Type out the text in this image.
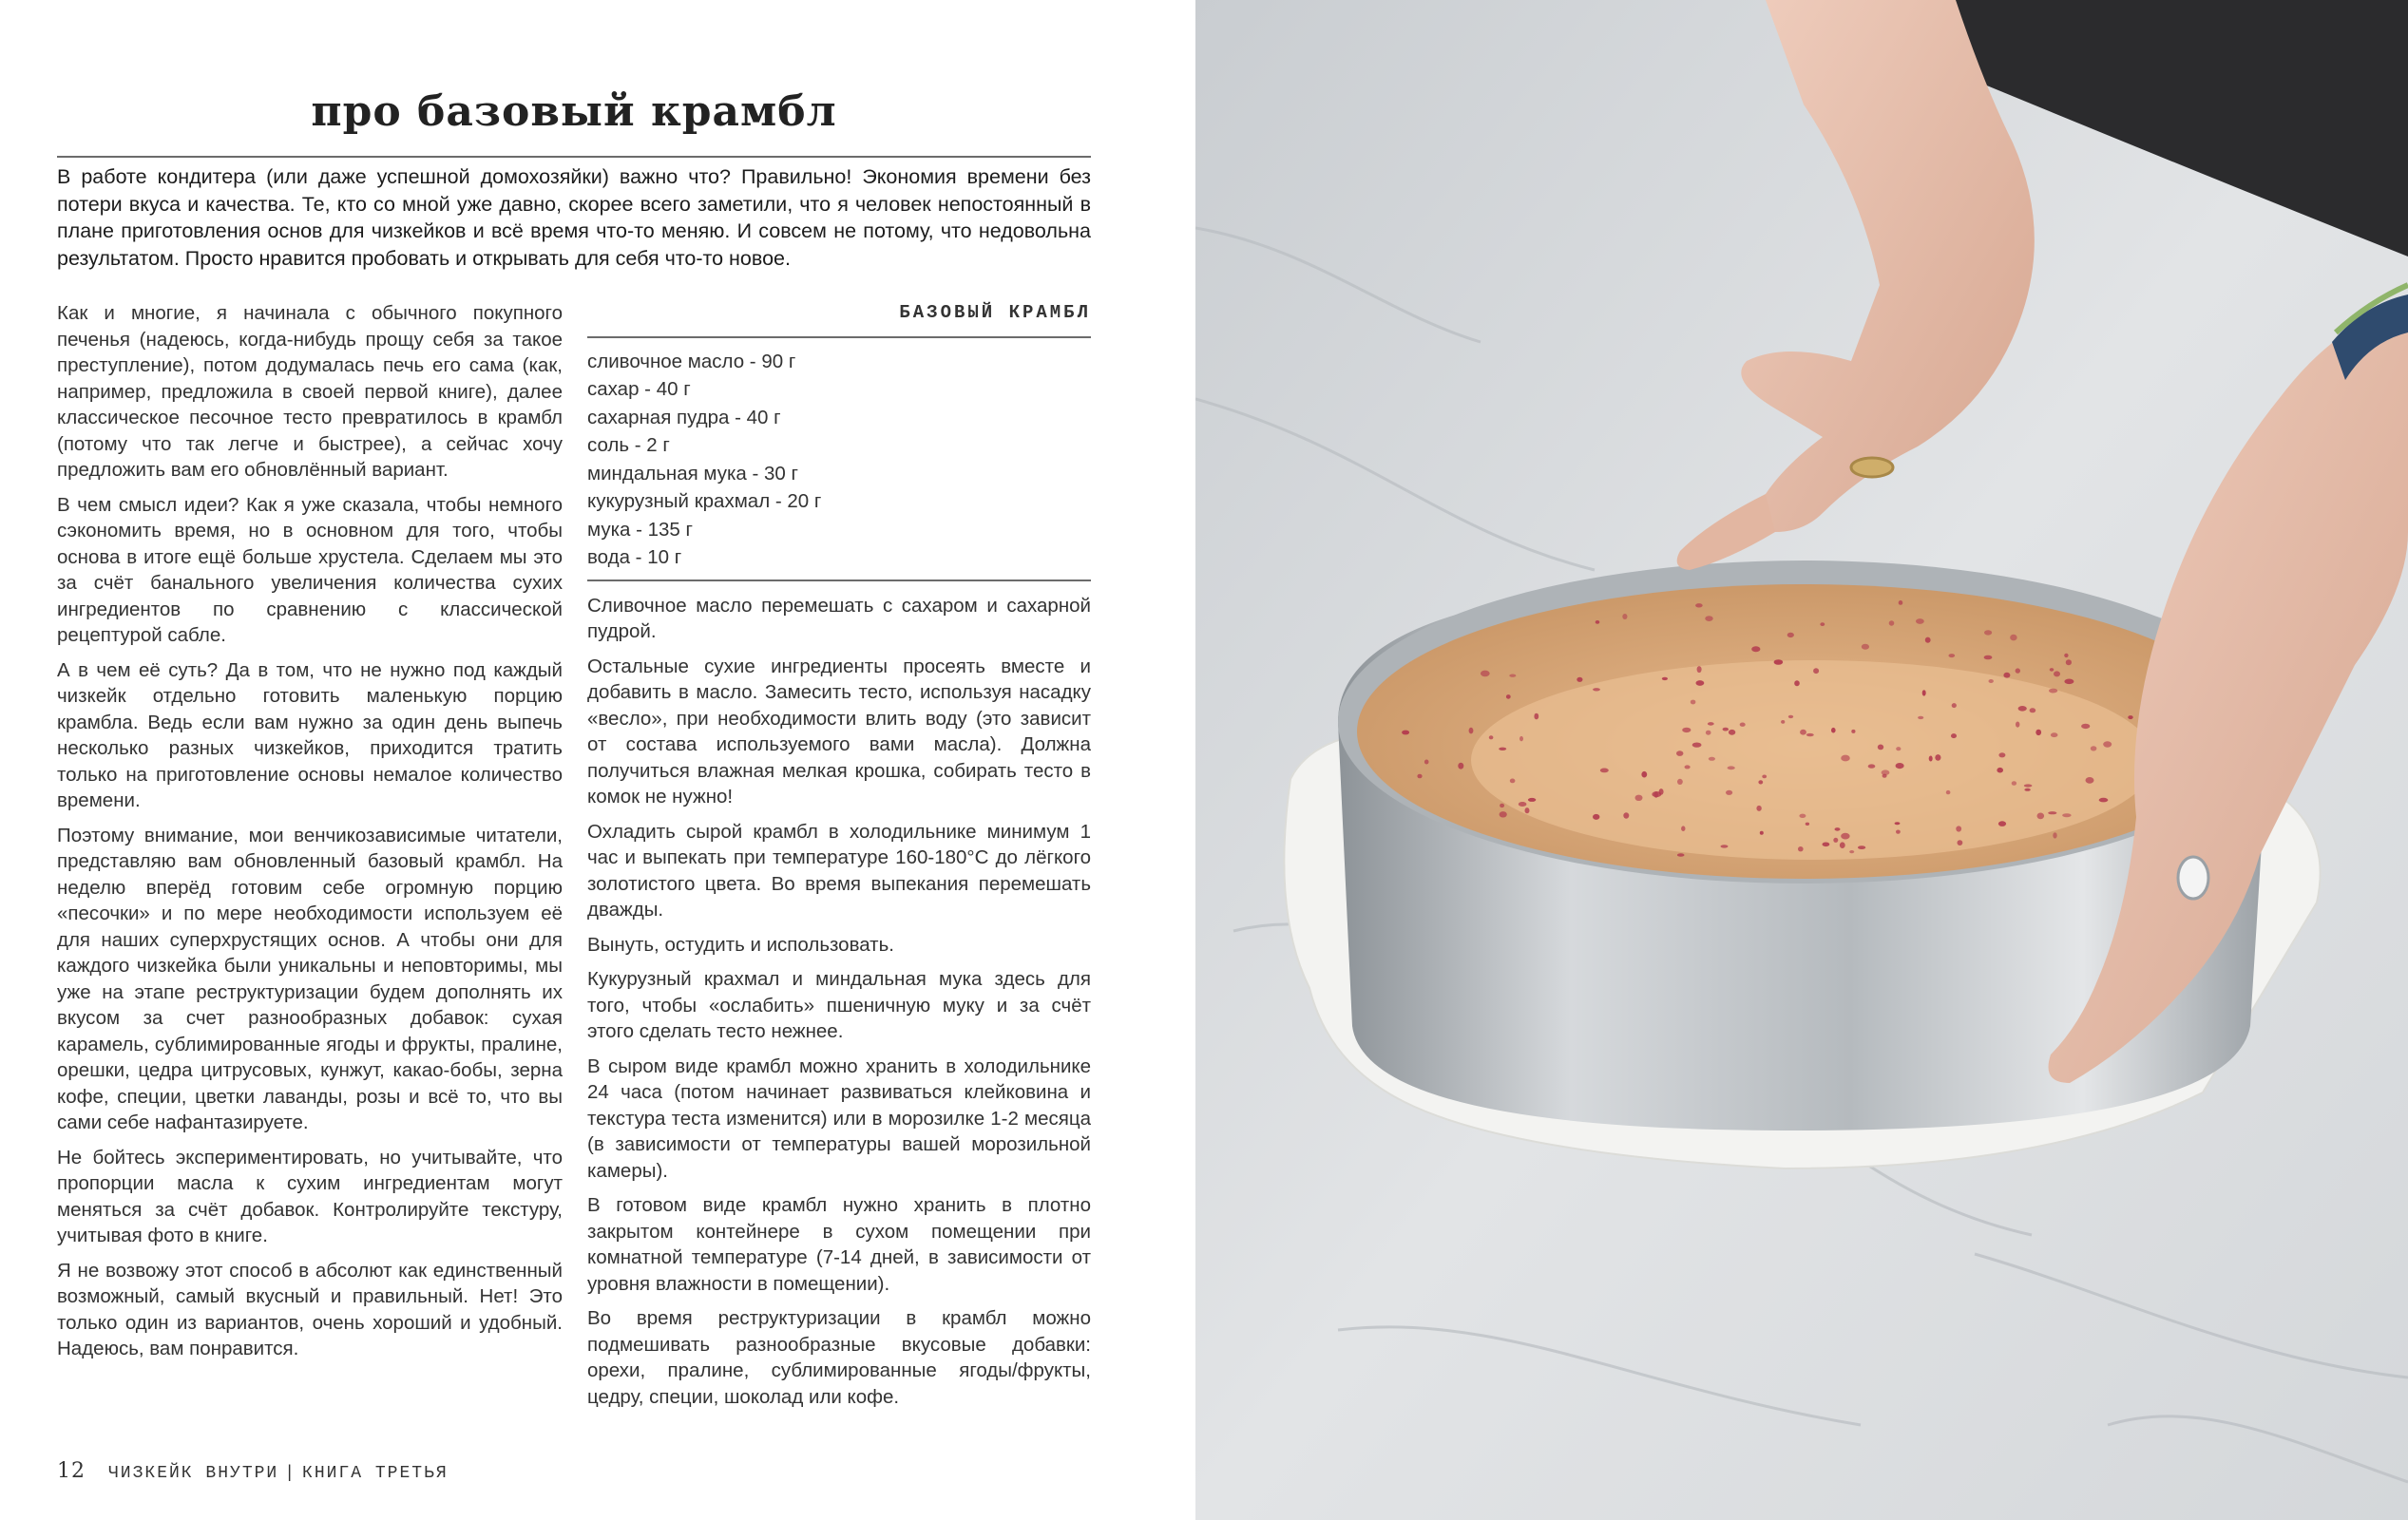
про базовый крамбл

В работе кондитера (или даже успешной домохозяйки) важно что? Правильно! Экономия времени без потери вкуса и качества. Те, кто со мной уже давно, скорее всего заметили, что я человек непостоянный в плане приготовления основ для чизкейков и всё время что-то меняю. И совсем не потому, что недовольна результатом. Просто нравится пробовать и открывать для себя что-то новое.

Как и многие, я начинала с обычного покупного печенья (надеюсь, когда-нибудь прощу себя за такое преступление), потом додумалась печь его сама (как, например, предложила в своей первой книге), далее классическое песочное тесто превратилось в крамбл (потому что так легче и быстрее), а сейчас хочу предложить вам его обновлённый вариант.

В чем смысл идеи? Как я уже сказала, чтобы немного сэкономить время, но в основном для того, чтобы основа в итоге ещё больше хрустела. Сделаем мы это за счёт банального увеличения количества сухих ингредиентов по сравнению с классической рецептурой сабле.

А в чем её суть? Да в том, что не нужно под каждый чизкейк отдельно готовить маленькую порцию крамбла. Ведь если вам нужно за один день выпечь несколько разных чизкейков, приходится тратить только на приготовление основы немалое количество времени.

Поэтому внимание, мои венчикозависимые читатели, представляю вам обновленный базовый крамбл. На неделю вперёд готовим себе огромную порцию «песочки» и по мере необходимости используем её для наших суперхрустящих основ. А чтобы они для каждого чизкейка были уникальны и неповторимы, мы уже на этапе реструктуризации будем дополнять их вкусом за счет разнообразных добавок: сухая карамель, сублимированные ягоды и фрукты, пралине, орешки, цедра цитрусовых, кунжут, какао-бобы, зерна кофе, специи, цветки лаванды, розы и всё то, что вы сами себе нафантазируете.

Не бойтесь экспериментировать, но учитывайте, что пропорции масла к сухим ингредиентам могут меняться за счёт добавок. Контролируйте текстуру, учитывая фото в книге.

Я не возвожу этот способ в абсолют как единственный возможный, самый вкусный и правильный. Нет! Это только один из вариантов, очень хороший и удобный. Надеюсь, вам понравится.

БАЗОВЫЙ КРАМБЛ
сливочное масло - 90 г
сахар - 40 г
сахарная пудра - 40 г
соль - 2 г
миндальная мука - 30 г
кукурузный крахмал - 20 г
мука - 135 г
вода - 10 г

Сливочное масло перемешать с сахаром и сахарной пудрой.

Остальные сухие ингредиенты просеять вместе и добавить в масло. Замесить тесто, используя насадку «весло», при необходимости влить воду (это зависит от состава используемого вами масла). Должна получиться влажная мелкая крошка, собирать тесто в комок не нужно!

Охладить сырой крамбл в холодильнике минимум 1 час и выпекать при температуре 160-180°С до лёгкого золотистого цвета. Во время выпекания перемешать дважды.

Вынуть, остудить и использовать.

Кукурузный крахмал и миндальная мука здесь для того, чтобы «ослабить» пшеничную муку и за счёт этого сделать тесто нежнее.

В сыром виде крамбл можно хранить в холодильнике 24 часа (потом начинает развиваться клейковина и текстура теста изменится) или в морозилке 1-2 месяца (в зависимости от температуры вашей морозильной камеры).

В готовом виде крамбл нужно хранить в плотно закрытом контейнере в сухом помещении при комнатной температуре (7-14 дней, в зависимости от уровня влажности в помещении).

Во время реструктуризации в крамбл можно подмешивать разнообразные вкусовые добавки: орехи, пралине, сублимированные ягоды/фрукты, цедру, специи, шоколад или кофе.

12 ЧИЗКЕЙК ВНУТРИ | КНИГА ТРЕТЬЯ
